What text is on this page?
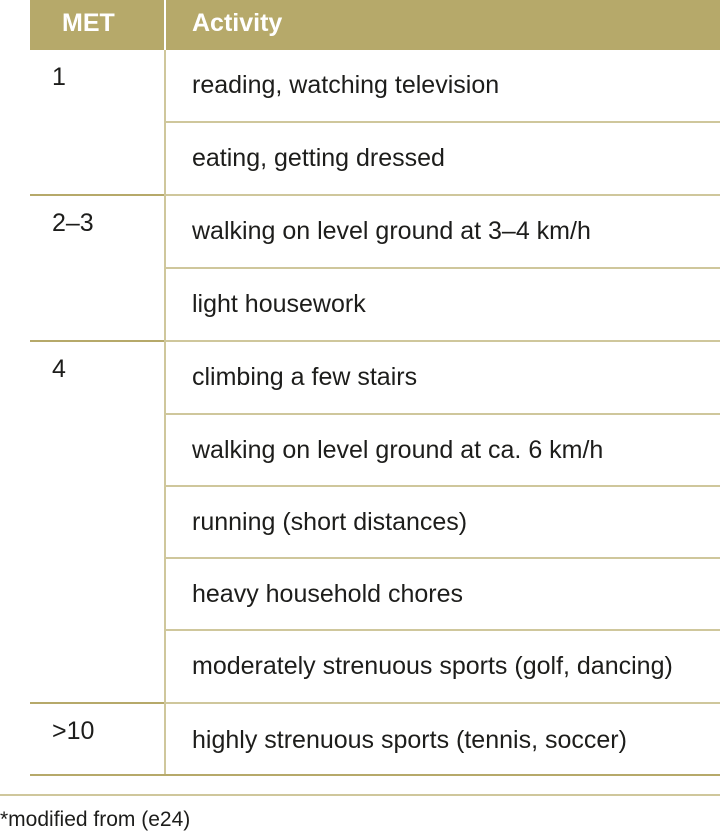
MET	Activity
1	reading, watching television
	eating, getting dressed
2–3	walking on level ground at 3–4 km/h
	light housework
4	climbing a few stairs
	walking on level ground at ca. 6 km/h
	running (short distances)
	heavy household chores
	moderately strenuous sports (golf, dancing)
>10	highly strenuous sports (tennis, soccer)
*modified from (e24)
